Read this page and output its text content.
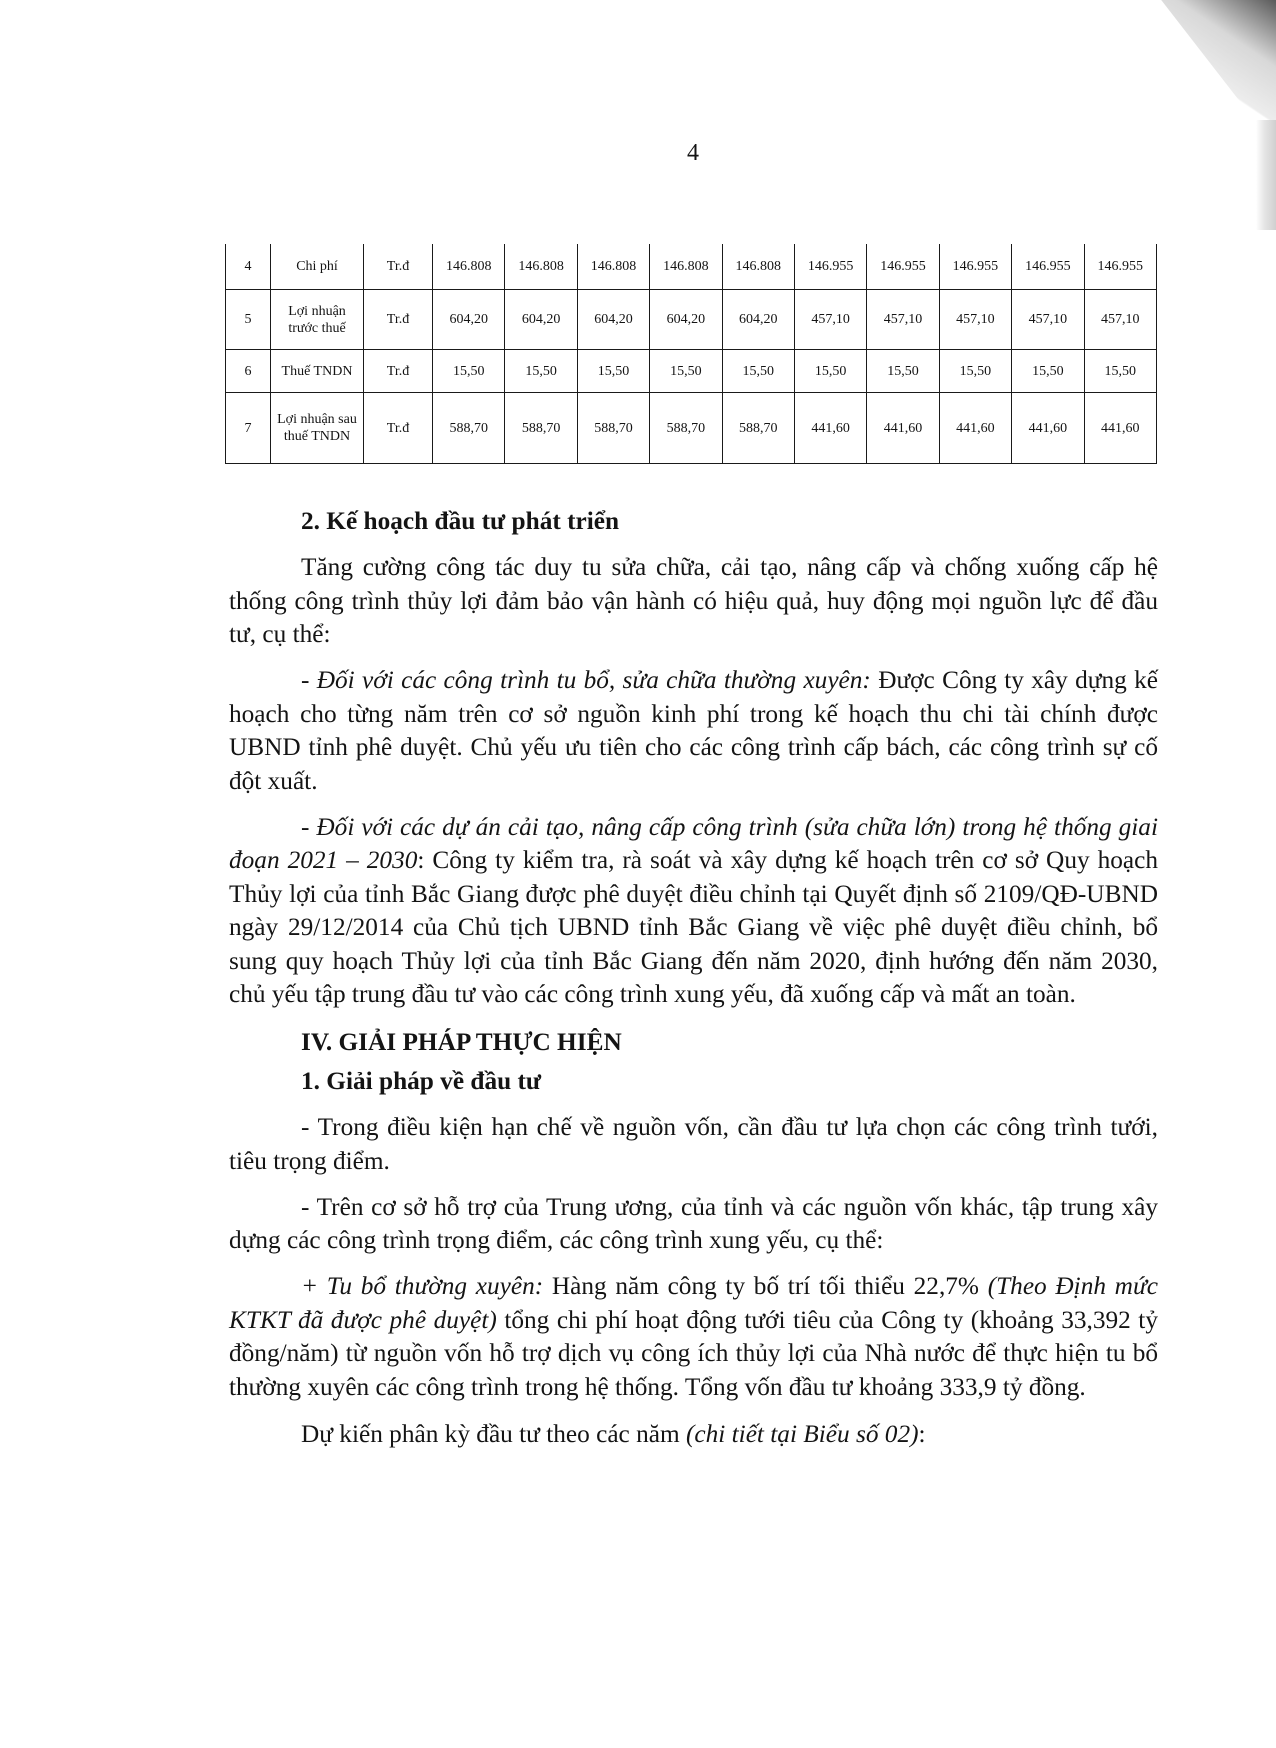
4
4	Chi phí	Tr.đ	146.808	146.808	146.808	146.808	146.808	146.955	146.955	146.955	146.955	146.955
5	Lợi nhuận trước thuế	Tr.đ	604,20	604,20	604,20	604,20	604,20	457,10	457,10	457,10	457,10	457,10
6	Thuế TNDN	Tr.đ	15,50	15,50	15,50	15,50	15,50	15,50	15,50	15,50	15,50	15,50
7	Lợi nhuận sau thuế TNDN	Tr.đ	588,70	588,70	588,70	588,70	588,70	441,60	441,60	441,60	441,60	441,60
2. Kế hoạch đầu tư phát triển

Tăng cường công tác duy tu sửa chữa, cải tạo, nâng cấp và chống xuống cấp hệ thống công trình thủy lợi đảm bảo vận hành có hiệu quả, huy động mọi nguồn lực để đầu tư, cụ thể:

- Đối với các công trình tu bổ, sửa chữa thường xuyên: Được Công ty xây dựng kế hoạch cho từng năm trên cơ sở nguồn kinh phí trong kế hoạch thu chi tài chính được UBND tỉnh phê duyệt. Chủ yếu ưu tiên cho các công trình cấp bách, các công trình sự cố đột xuất.

- Đối với các dự án cải tạo, nâng cấp công trình (sửa chữa lớn) trong hệ thống giai đoạn 2021 – 2030: Công ty kiểm tra, rà soát và xây dựng kế hoạch trên cơ sở Quy hoạch Thủy lợi của tỉnh Bắc Giang được phê duyệt điều chỉnh tại Quyết định số 2109/QĐ-UBND ngày 29/12/2014 của Chủ tịch UBND tỉnh Bắc Giang về việc phê duyệt điều chỉnh, bổ sung quy hoạch Thủy lợi của tỉnh Bắc Giang đến năm 2020, định hướng đến năm 2030, chủ yếu tập trung đầu tư vào các công trình xung yếu, đã xuống cấp và mất an toàn.

IV. GIẢI PHÁP THỰC HIỆN
1. Giải pháp về đầu tư

- Trong điều kiện hạn chế về nguồn vốn, cần đầu tư lựa chọn các công trình tưới, tiêu trọng điểm.

- Trên cơ sở hỗ trợ của Trung ương, của tỉnh và các nguồn vốn khác, tập trung xây dựng các công trình trọng điểm, các công trình xung yếu, cụ thể:

+ Tu bổ thường xuyên: Hàng năm công ty bố trí tối thiểu 22,7% (Theo Định mức KTKT đã được phê duyệt) tổng chi phí hoạt động tưới tiêu của Công ty (khoảng 33,392 tỷ đồng/năm) từ nguồn vốn hỗ trợ dịch vụ công ích thủy lợi của Nhà nước để thực hiện tu bổ thường xuyên các công trình trong hệ thống. Tổng vốn đầu tư khoảng 333,9 tỷ đồng.

Dự kiến phân kỳ đầu tư theo các năm (chi tiết tại Biểu số 02):
